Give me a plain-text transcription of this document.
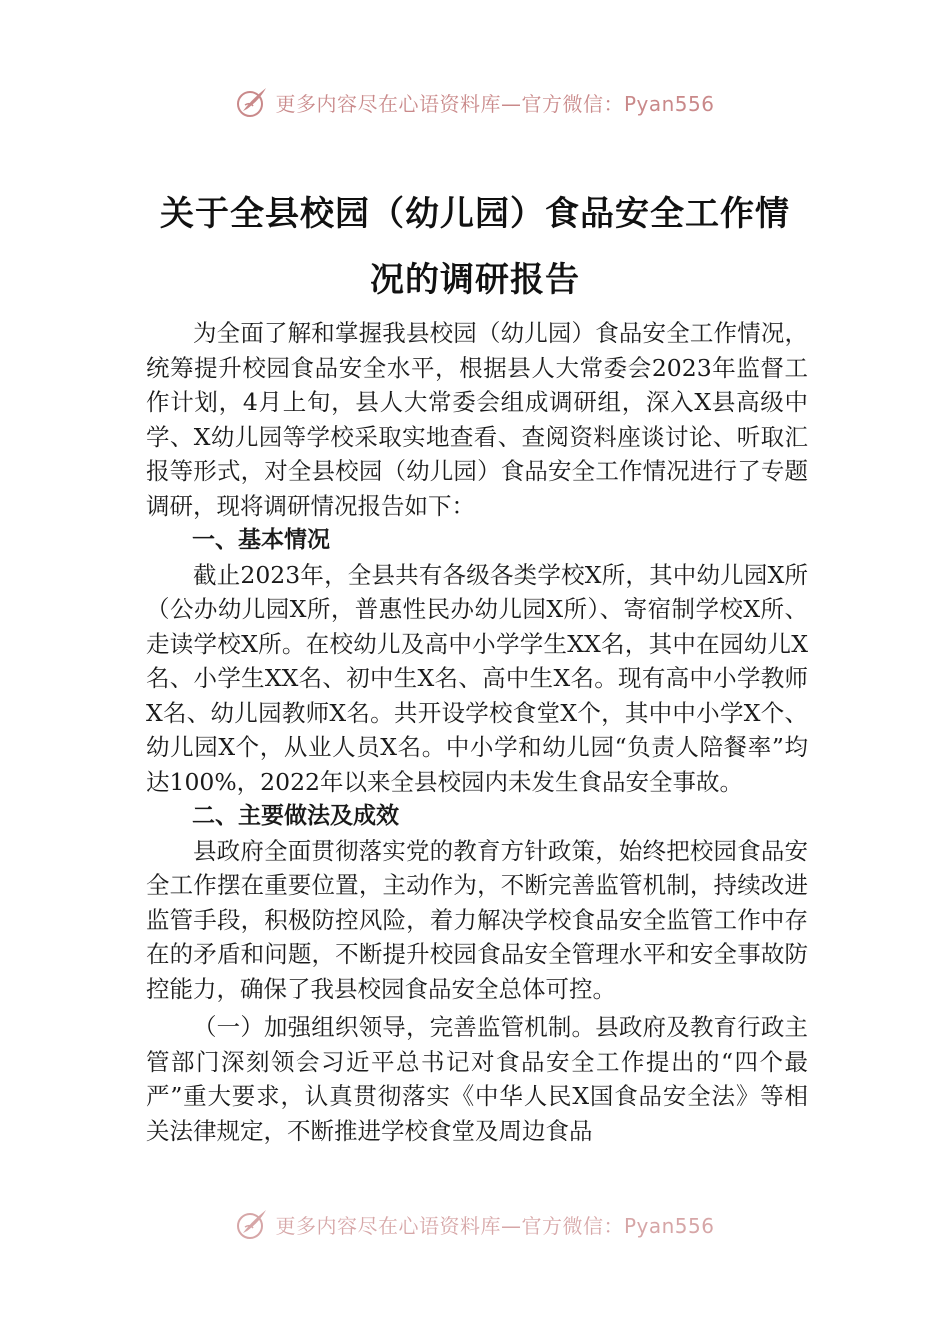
更多内容尽在心语资料库—官方微信：Pyan556
关于全县校园（幼儿园）食品安全工作情
况的调研报告

为全面了解和掌握我县校园（幼儿园）食品安全工作情况，统筹提升校园食品安全水平，根据县人大常委会2023年监督工作计划，4月上旬，县人大常委会组成调研组，深入X县高级中学、X幼儿园等学校采取实地查看、查阅资料座谈讨论、听取汇报等形式，对全县校园（幼儿园）食品安全工作情况进行了专题调研，现将调研情况报告如下：

一、基本情况

截止2023年，全县共有各级各类学校X所，其中幼儿园X所（公办幼儿园X所，普惠性民办幼儿园X所）、寄宿制学校X所、走读学校X所。在校幼儿及高中小学学生XX名，其中在园幼儿X名、小学生XX名、初中生X名、高中生X名。现有高中小学教师X名、幼儿园教师X名。共开设学校食堂X个，其中中小学X个、幼儿园X个，从业人员X名。中小学和幼儿园“负责人陪餐率”均达100%，2022年以来全县校园内未发生食品安全事故。

二、主要做法及成效

县政府全面贯彻落实党的教育方针政策，始终把校园食品安全工作摆在重要位置，主动作为，不断完善监管机制，持续改进监管手段，积极防控风险，着力解决学校食品安全监管工作中存在的矛盾和问题，不断提升校园食品安全管理水平和安全事故防控能力，确保了我县校园食品安全总体可控。

（一）加强组织领导，完善监管机制。县政府及教育行政主管部门深刻领会习近平总书记对食品安全工作提出的“四个最严”重大要求，认真贯彻落实《中华人民X国食品安全法》等相关法律规定，不断推进学校食堂及周边食品

更多内容尽在心语资料库—官方微信：Pyan556
